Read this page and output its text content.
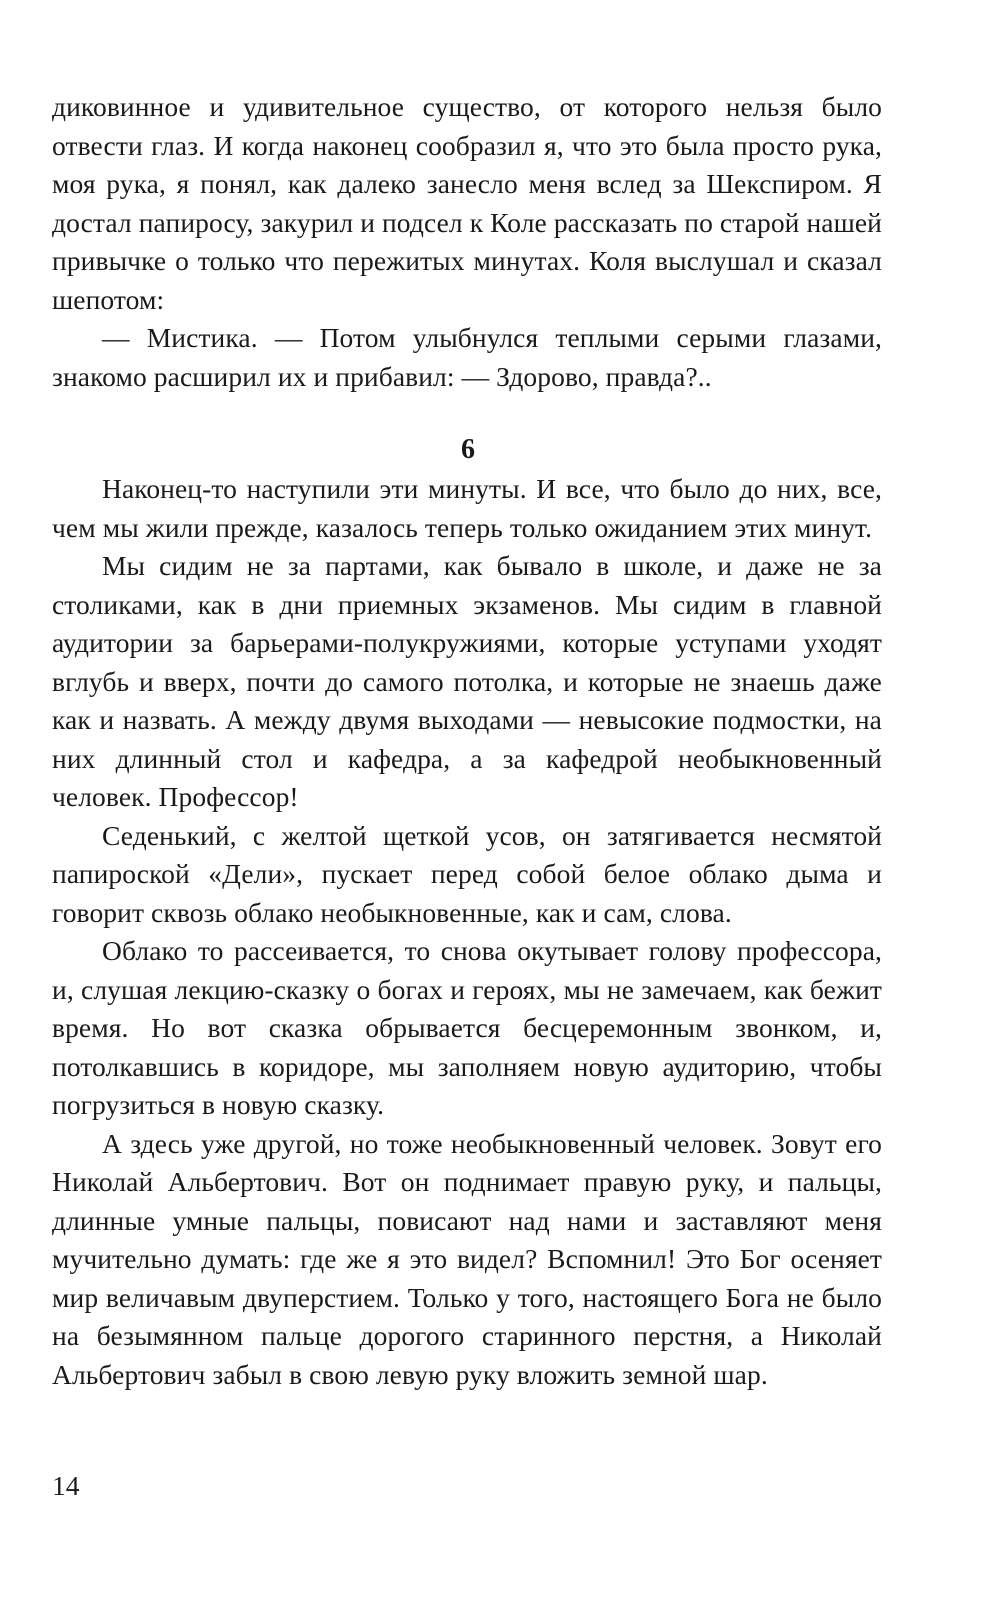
диковинное и удивительное существо, от которого нельзя было отвести глаз. И когда наконец сообразил я, что это была просто рука, моя рука, я понял, как далеко занесло меня вслед за Шекспиром. Я достал папиросу, закурил и подсел к Коле рассказать по старой нашей привычке о только что пережитых минутах. Коля выслушал и сказал шепотом:

— Мистика. — Потом улыбнулся теплыми серыми глазами, знакомо расширил их и прибавил: — Здорово, правда?..

6

Наконец-то наступили эти минуты. И все, что было до них, все, чем мы жили прежде, казалось теперь только ожиданием этих минут.

Мы сидим не за партами, как бывало в школе, и даже не за столиками, как в дни приемных экзаменов. Мы сидим в главной аудитории за барьерами-полукружиями, которые уступами уходят вглубь и вверх, почти до самого потолка, и которые не знаешь даже как и назвать. А между двумя выходами — невысокие подмостки, на них длинный стол и кафедра, а за кафедрой необыкновенный человек. Профессор!

Седенький, с желтой щеткой усов, он затягивается несмятой папироской «Дели», пускает перед собой белое облако дыма и говорит сквозь облако необыкновенные, как и сам, слова.

Облако то рассеивается, то снова окутывает голову профессора, и, слушая лекцию-сказку о богах и героях, мы не замечаем, как бежит время. Но вот сказка обрывается бесцеремонным звонком, и, потолкавшись в коридоре, мы заполняем новую аудиторию, чтобы погрузиться в новую сказку.

А здесь уже другой, но тоже необыкновенный человек. Зовут его Николай Альбертович. Вот он поднимает правую руку, и пальцы, длинные умные пальцы, повисают над нами и заставляют меня мучительно думать: где же я это видел? Вспомнил! Это Бог осеняет мир величавым двуперстием. Только у того, настоящего Бога не было на безымянном пальце дорогого старинного перстня, а Николай Альбертович забыл в свою левую руку вложить земной шар.

14
